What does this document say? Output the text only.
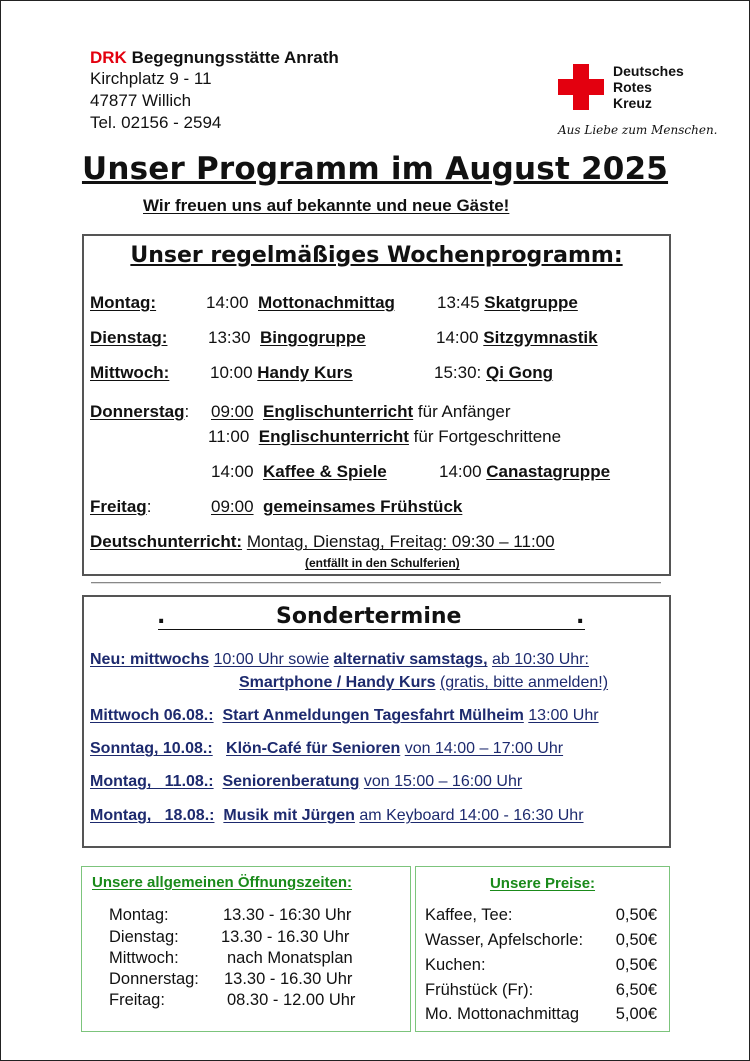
DRK Begegnungsstätte Anrath
Kirchplatz 9 - 11
47877 Willich
Tel. 02156 - 2594
Deutsches
Rotes
Kreuz
Aus Liebe zum Menschen.
Unser Programm im August 2025
Wir freuen uns auf bekannte und neue Gäste!
Unser regelmäßiges Wochenprogramm:
Montag:	14:00 Mottonachmittag 13:45 Skatgruppe
Dienstag: 13:30 Bingogruppe	14:00 Sitzgymnastik
Mittwoch: 10:00 Handy Kurs	15:30: Qi Gong
Donnerstag: 09:00 Englischunterricht für Anfänger
11:00 Englischunterricht für Fortgeschrittene
14:00 Kaffee & Spiele	14:00 Canastagruppe
Freitag:	09:00 gemeinsames Frühstück
Deutschunterricht: Montag, Dienstag, Freitag: 09:30 – 11:00
(entfällt in den Schulferien)
.	Sondertermine	.
Neu: mittwochs 10:00 Uhr sowie alternativ samstags, ab 10:30 Uhr:
Smartphone / Handy Kurs (gratis, bitte anmelden!)
Mittwoch 06.08.: Start Anmeldungen Tagesfahrt Mülheim 13:00 Uhr
Sonntag, 10.08.: Klön-Café für Senioren von 14:00 – 17:00 Uhr
Montag,   11.08.: Seniorenberatung von 15:00 – 16:00 Uhr
Montag,   18.08.: Musik mit Jürgen am Keyboard 14:00 - 16:30 Uhr
Unsere allgemeinen Öffnungszeiten:
Montag:	13.30 - 16:30 Uhr
Dienstag:	13.30 - 16.30 Uhr
Mittwoch:	nach Monatsplan
Donnerstag: 13.30 - 16.30 Uhr
Freitag:	08.30 - 12.00 Uhr
Unsere Preise:
Kaffee, Tee:	0,50€
Wasser, Apfelschorle:	0,50€
Kuchen:	0,50€
Frühstück (Fr):	6,50€
Mo. Mottonachmittag	5,00€
